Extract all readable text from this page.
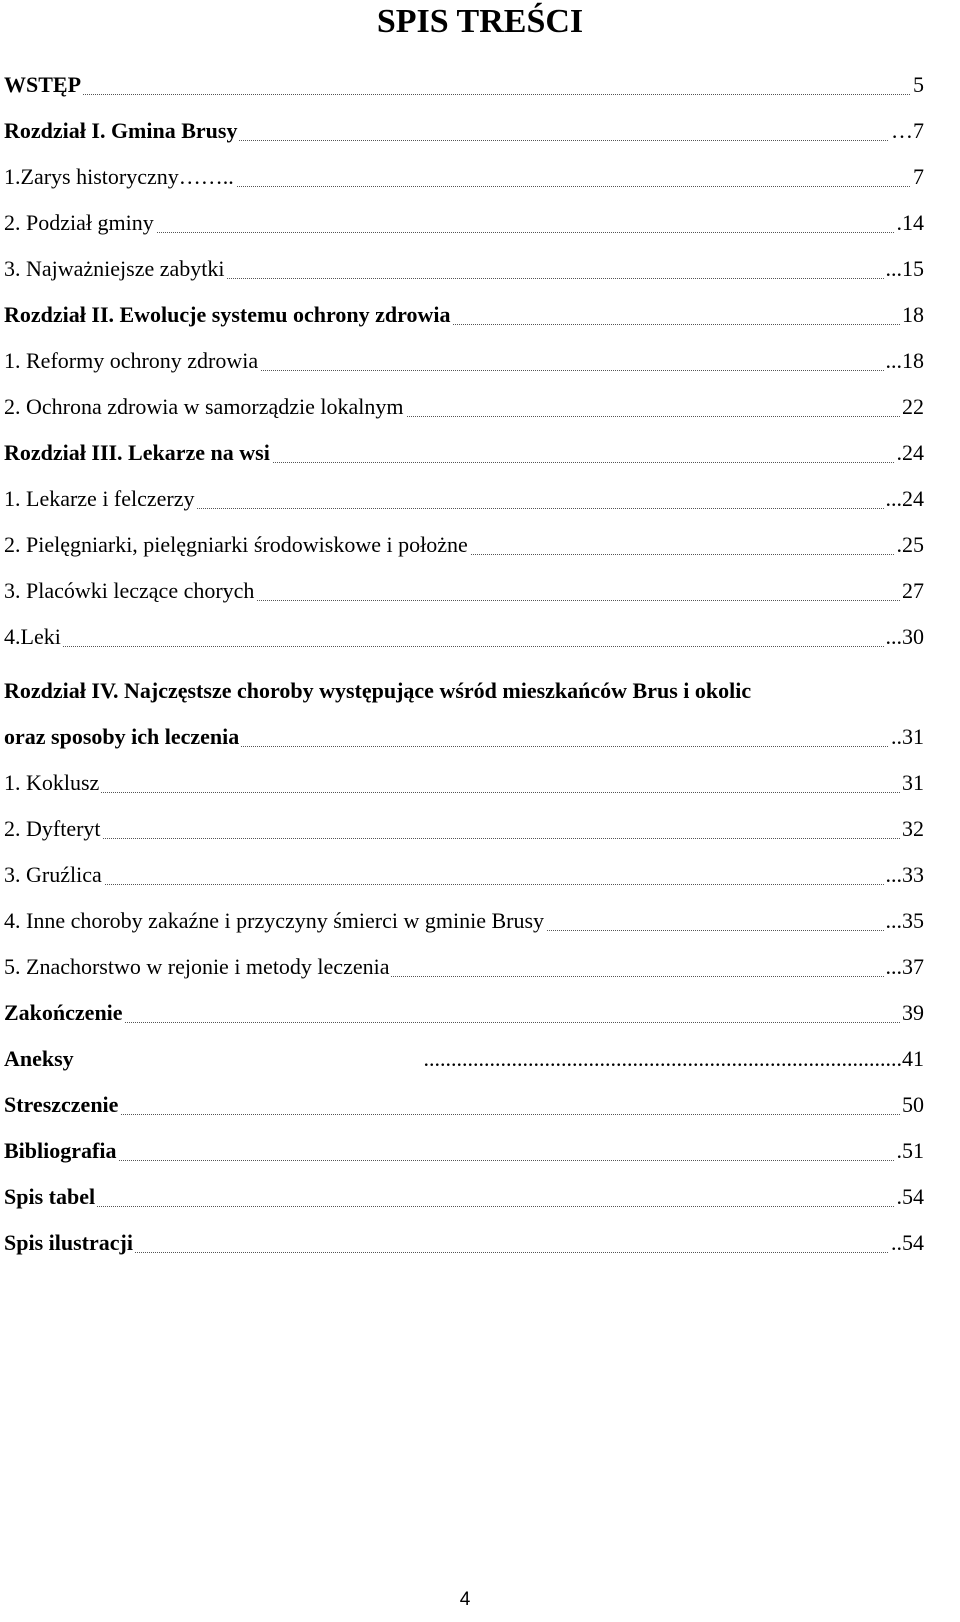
SPIS TREŚCI
WSTĘP	5
Rozdział I. Gmina Brusy	…7
1.Zarys historyczny……..	7
2. Podział gminy	.14
3. Najważniejsze zabytki	...15
Rozdział II. Ewolucje systemu ochrony zdrowia	18
1. Reformy ochrony zdrowia	...18
2. Ochrona zdrowia w samorządzie lokalnym	22
Rozdział III. Lekarze na wsi	.24
1. Lekarze i felczerzy	...24
2. Pielęgniarki, pielęgniarki środowiskowe i położne	.25
3. Placówki leczące chorych	27
4.Leki	...30
Rozdział IV. Najczęstsze choroby występujące wśród mieszkańców Brus i okolic
oraz sposoby ich leczenia	..31
1. Koklusz	31
2. Dyfteryt	32
3. Gruźlica	...33
4. Inne choroby zakaźne i przyczyny śmierci w gminie Brusy	...35
5. Znachorstwo w rejonie i metody leczenia	...37
Zakończenie	39
Aneksy	.......................................................................................41
Streszczenie	50
Bibliografia	.51
Spis tabel	.54
Spis ilustracji	..54
4
